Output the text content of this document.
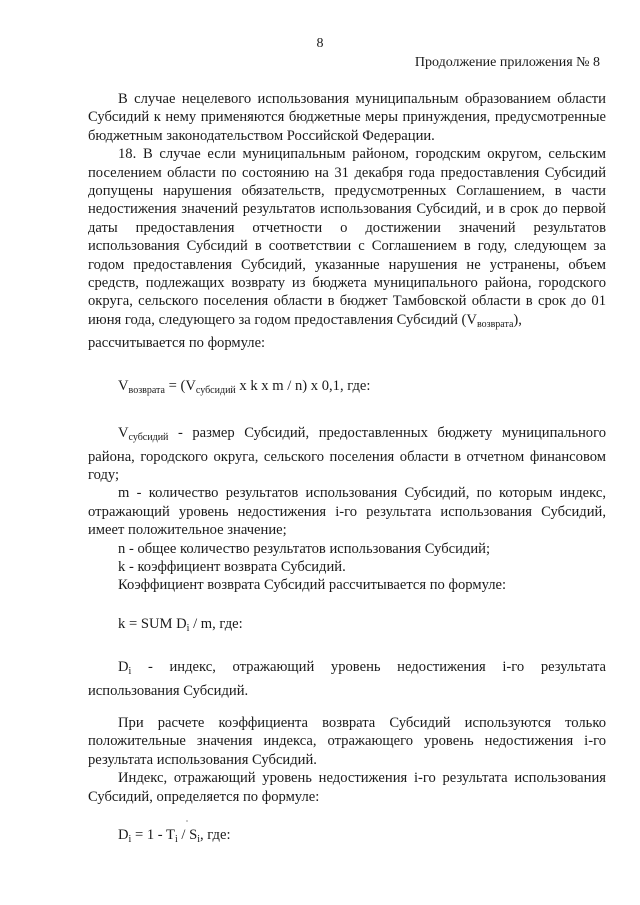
8
Продолжение приложения № 8

В случае нецелевого использования муниципальным образованием области Субсидий к нему применяются бюджетные меры принуждения, предусмотренные бюджетным законодательством Российской Федерации.

18. В случае если муниципальным районом, городским округом, сельским поселением области по состоянию на 31 декабря года предоставления Субсидий допущены нарушения обязательств, предусмотренных Соглашением, в части недостижения значений результатов использования Субсидий, и в срок до первой даты предоставления отчетности о достижении значений результатов использования Субсидий в соответствии с Соглашением в году, следующем за годом предоставления Субсидий, указанные нарушения не устранены, объем средств, подлежащих возврату из бюджета муниципального района, городского округа, сельского поселения области в бюджет Тамбовской области в срок до 01 июня года, следующего за годом предоставления Субсидий $(V_{возврата})$,

рассчитывается по формуле:

$V_{возврата} = (V_{субсидий}$ x k x m / n) x 0,1, где:

$V_{субсидий}$ - размер Субсидий, предоставленных бюджету муниципального района, городского округа, сельского поселения области в отчетном финансовом году;

m - количество результатов использования Субсидий, по которым индекс, отражающий уровень недостижения i-го результата использования Субсидий, имеет положительное значение;

n - общее количество результатов использования Субсидий;

k - коэффициент возврата Субсидий.

Коэффициент возврата Субсидий рассчитывается по формуле:

k = SUM $D_i$ / m, где:

$D_i$ - индекс, отражающий уровень недостижения i-го результата использования Субсидий.

При расчете коэффициента возврата Субсидий используются только положительные значения индекса, отражающего уровень недостижения i-го результата использования Субсидий.

Индекс, отражающий уровень недостижения i-го результата использования Субсидий, определяется по формуле:

$D_i = 1 - T_i / S_i$, где:
